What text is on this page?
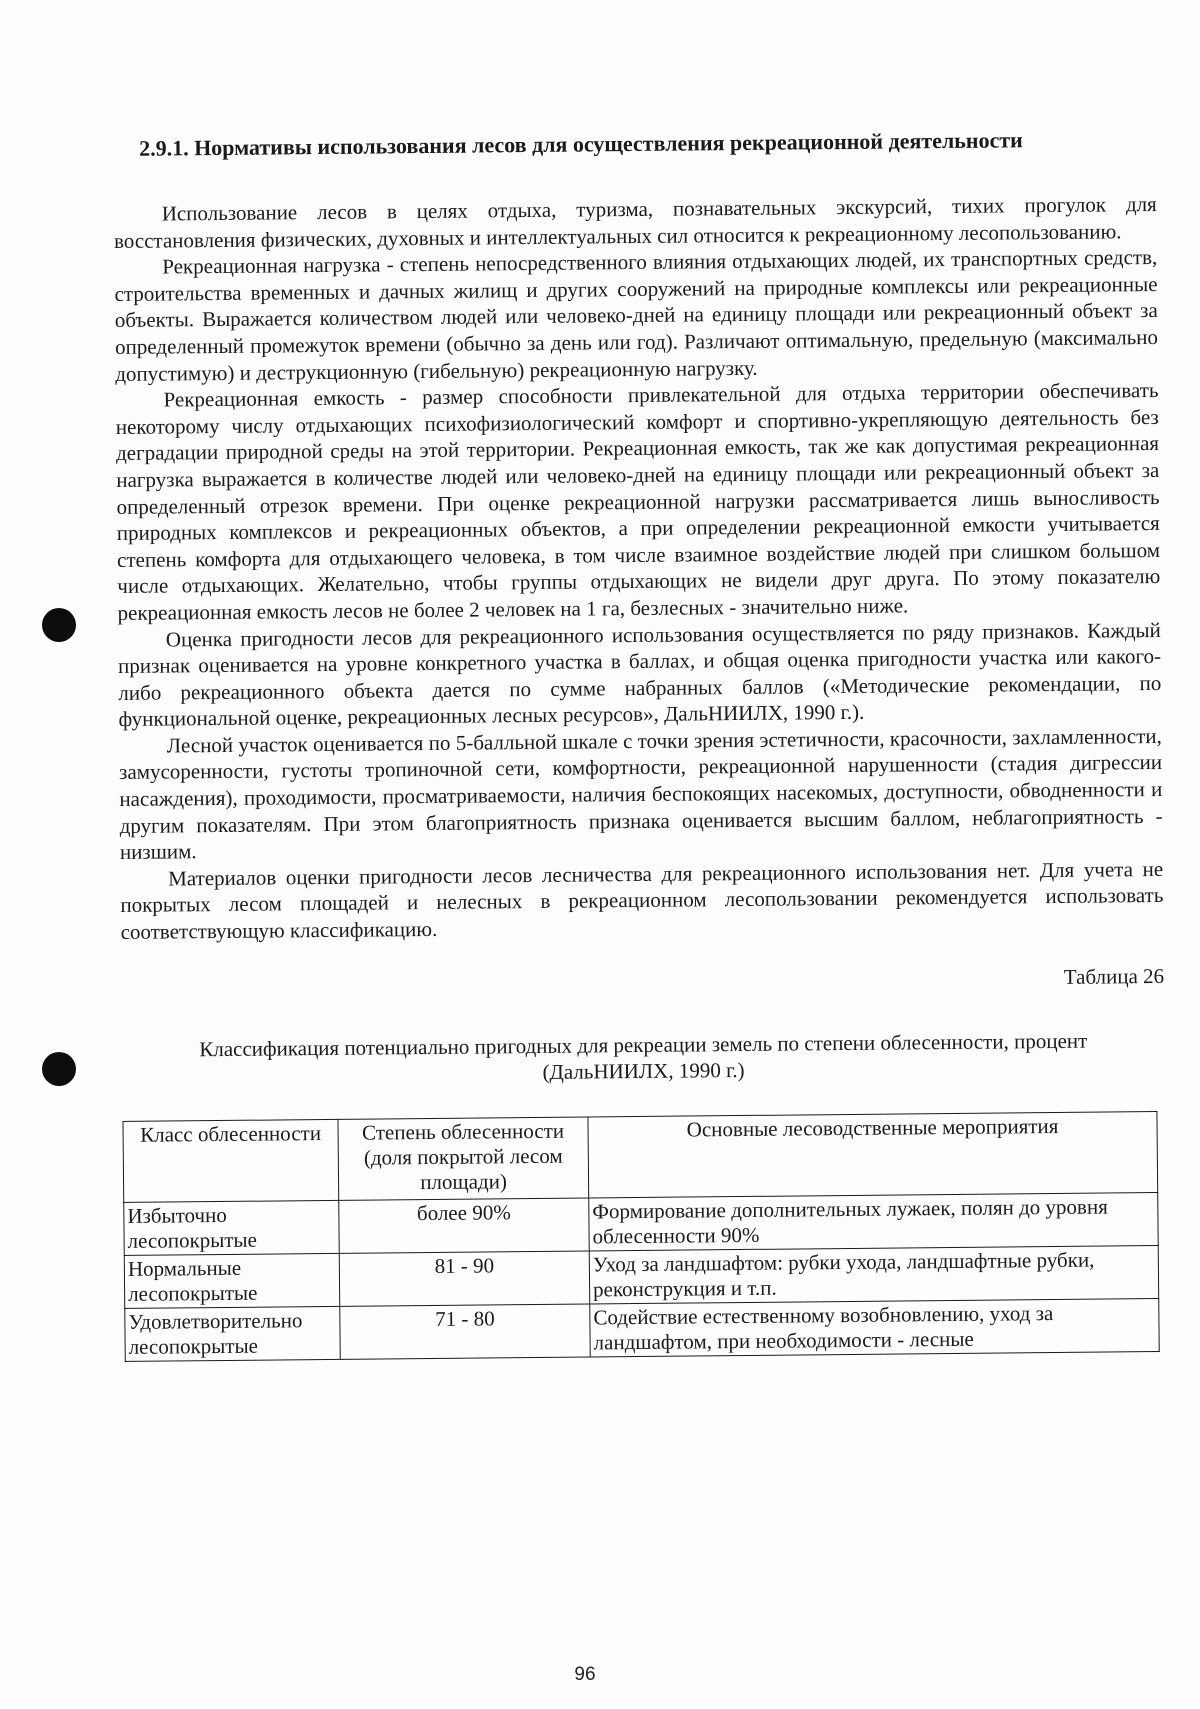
2.9.1. Нормативы использования лесов для осуществления рекреационной деятельности

Использование лесов в целях отдыха, туризма, познавательных экскурсий, тихих прогулок для восстановления физических, духовных и интеллектуальных сил относится к рекреационному лесопользованию.

Рекреационная нагрузка - степень непосредственного влияния отдыхающих людей, их транспортных средств, строительства временных и дачных жилищ и других сооружений на природные комплексы или рекреационные объекты. Выражается количеством людей или человеко-дней на единицу площади или рекреационный объект за определенный промежуток времени (обычно за день или год). Различают оптимальную, предельную (максимально допустимую) и деструкционную (гибельную) рекреационную нагрузку.

Рекреационная емкость - размер способности привлекательной для отдыха территории обеспечивать некоторому числу отдыхающих психофизиологический комфорт и спортивно-укрепляющую деятельность без деградации природной среды на этой территории. Рекреационная емкость, так же как допустимая рекреационная нагрузка выражается в количестве людей или человеко-дней на единицу площади или рекреационный объект за определенный отрезок времени. При оценке рекреационной нагрузки рассматривается лишь выносливость природных комплексов и рекреационных объектов, а при определении рекреационной емкости учитывается степень комфорта для отдыхающего человека, в том числе взаимное воздействие людей при слишком большом числе отдыхающих. Желательно, чтобы группы отдыхающих не видели друг друга. По этому показателю рекреационная емкость лесов не более 2 человек на 1 га, безлесных - значительно ниже.

Оценка пригодности лесов для рекреационного использования осуществляется по ряду признаков. Каждый признак оценивается на уровне конкретного участка в баллах, и общая оценка пригодности участка или какого-либо рекреационного объекта дается по сумме набранных баллов («Методические рекомендации, по функциональной оценке, рекреационных лесных ресурсов», ДальНИИЛХ, 1990 г.).

Лесной участок оценивается по 5-балльной шкале с точки зрения эстетичности, красочности, захламленности, замусоренности, густоты тропиночной сети, комфортности, рекреационной нарушенности (стадия дигрессии насаждения), проходимости, просматриваемости, наличия беспокоящих насекомых, доступности, обводненности и другим показателям. При этом благоприятность признака оценивается высшим баллом, неблагоприятность - низшим.

Материалов оценки пригодности лесов лесничества для рекреационного использования нет. Для учета не покрытых лесом площадей и нелесных в рекреационном лесопользовании рекомендуется использовать соответствующую классификацию.

Таблица 26
Классификация потенциально пригодных для рекреации земель по степени облесенности, процент
(ДальНИИЛХ, 1990 г.)
Класс облесенности	Степень облесенности (доля покрытой лесом площади)	Основные лесоводственные мероприятия
Избыточно лесопокрытые	более 90%	Формирование дополнительных лужаек, полян до уровня облесенности 90%
Нормальные лесопокрытые	81 - 90	Уход за ландшафтом: рубки ухода, ландшафтные рубки, реконструкция и т.п.
Удовлетворительно лесопокрытые	71 - 80	Содействие естественному возобновлению, уход за ландшафтом, при необходимости - лесные
96
